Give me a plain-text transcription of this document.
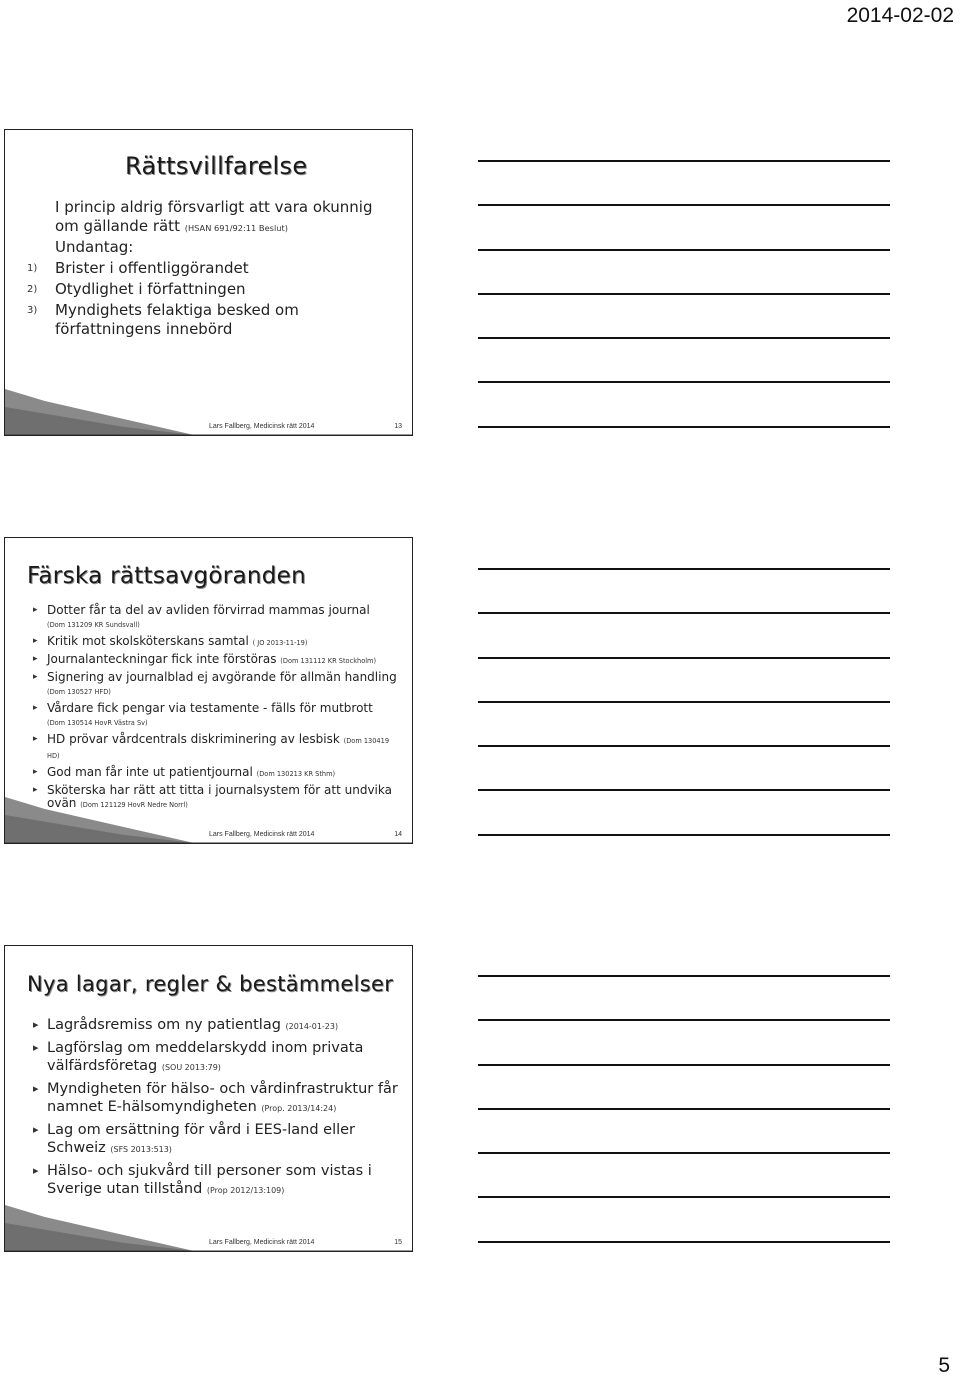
2014-02-02
Rättsvillfarelse
I princip aldrig försvarligt att vara okunnig
om gällande rätt (HSAN 691/92:11 Beslut)
Undantag:
1) Brister i offentliggörandet
2) Otydlighet i författningen
3) Myndighets felaktiga besked om författningens innebörd
Lars Fallberg, Medicinsk rätt 2014	13
Färska rättsavgöranden
▸ Dotter får ta del av avliden förvirrad mammas journal
(Dom 131209 KR Sundsvall)
▸ Kritik mot skolsköterskans samtal ( JO 2013-11-19)
▸ Journalanteckningar fick inte förstöras (Dom 131112 KR Stockholm)
▸ Signering av journalblad ej avgörande för allmän handling (Dom 130527 HFD)
▸ Vårdare fick pengar via testamente - fälls för mutbrott
(Dom 130514 HovR Västra Sv)
▸ HD prövar vårdcentrals diskriminering av lesbisk (Dom 130419 HD)
▸ God man får inte ut patientjournal (Dom 130213 KR Sthm)
▸ Sköterska har rätt att titta i journalsystem för att undvika ovän (Dom 121129 HovR Nedre Norrl)
Lars Fallberg, Medicinsk rätt 2014	14
Nya lagar, regler & bestämmelser
▸ Lagrådsremiss om ny patientlag (2014-01-23)
▸ Lagförslag om meddelarskydd inom privata välfärdsföretag (SOU 2013:79)
▸ Myndigheten för hälso- och vårdinfrastruktur får namnet E-hälsomyndigheten (Prop. 2013/14:24)
▸ Lag om ersättning för vård i EES-land eller Schweiz (SFS 2013:513)
▸ Hälso- och sjukvård till personer som vistas i Sverige utan tillstånd (Prop 2012/13:109)
Lars Fallberg, Medicinsk rätt 2014	15
5
